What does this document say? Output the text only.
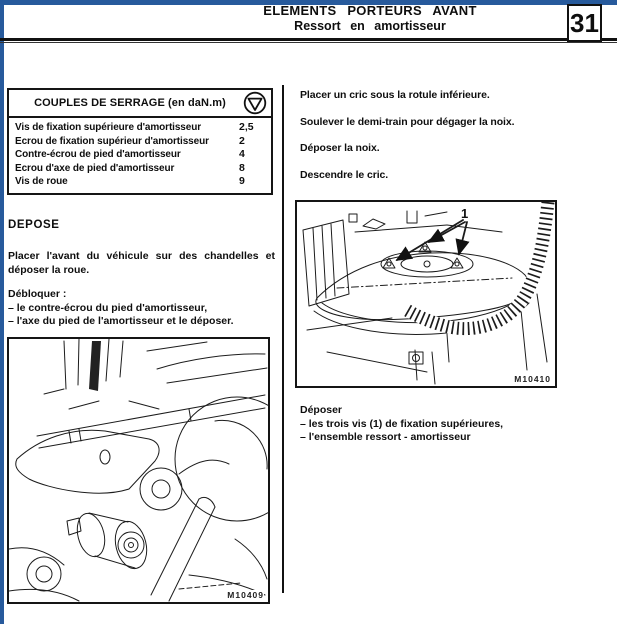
ELEMENTS PORTEURS AVANT
Ressort en amortisseur	31
COUPLES DE SERRAGE (en daN.m)
Vis de fixation supérieure d'amortisseur	2,5
Ecrou de fixation supérieur d'amortisseur	2
Contre-écrou de pied d'amortisseur	4
Ecrou d'axe de pied d'amortisseur	8
Vis de roue	9
DEPOSE
Placer l'avant du véhicule sur des chandelles et déposer la roue.
Débloquer :
– le contre-écrou du pied d'amortisseur,
– l'axe du pied de l'amortisseur et le déposer.
M10409
Placer un cric sous la rotule inférieure.
Soulever le demi-train pour dégager la noix.
Déposer la noix.
Descendre le cric.
1
M10410
Déposer
– les trois vis (1) de fixation supérieures,
– l'ensemble ressort - amortisseur
